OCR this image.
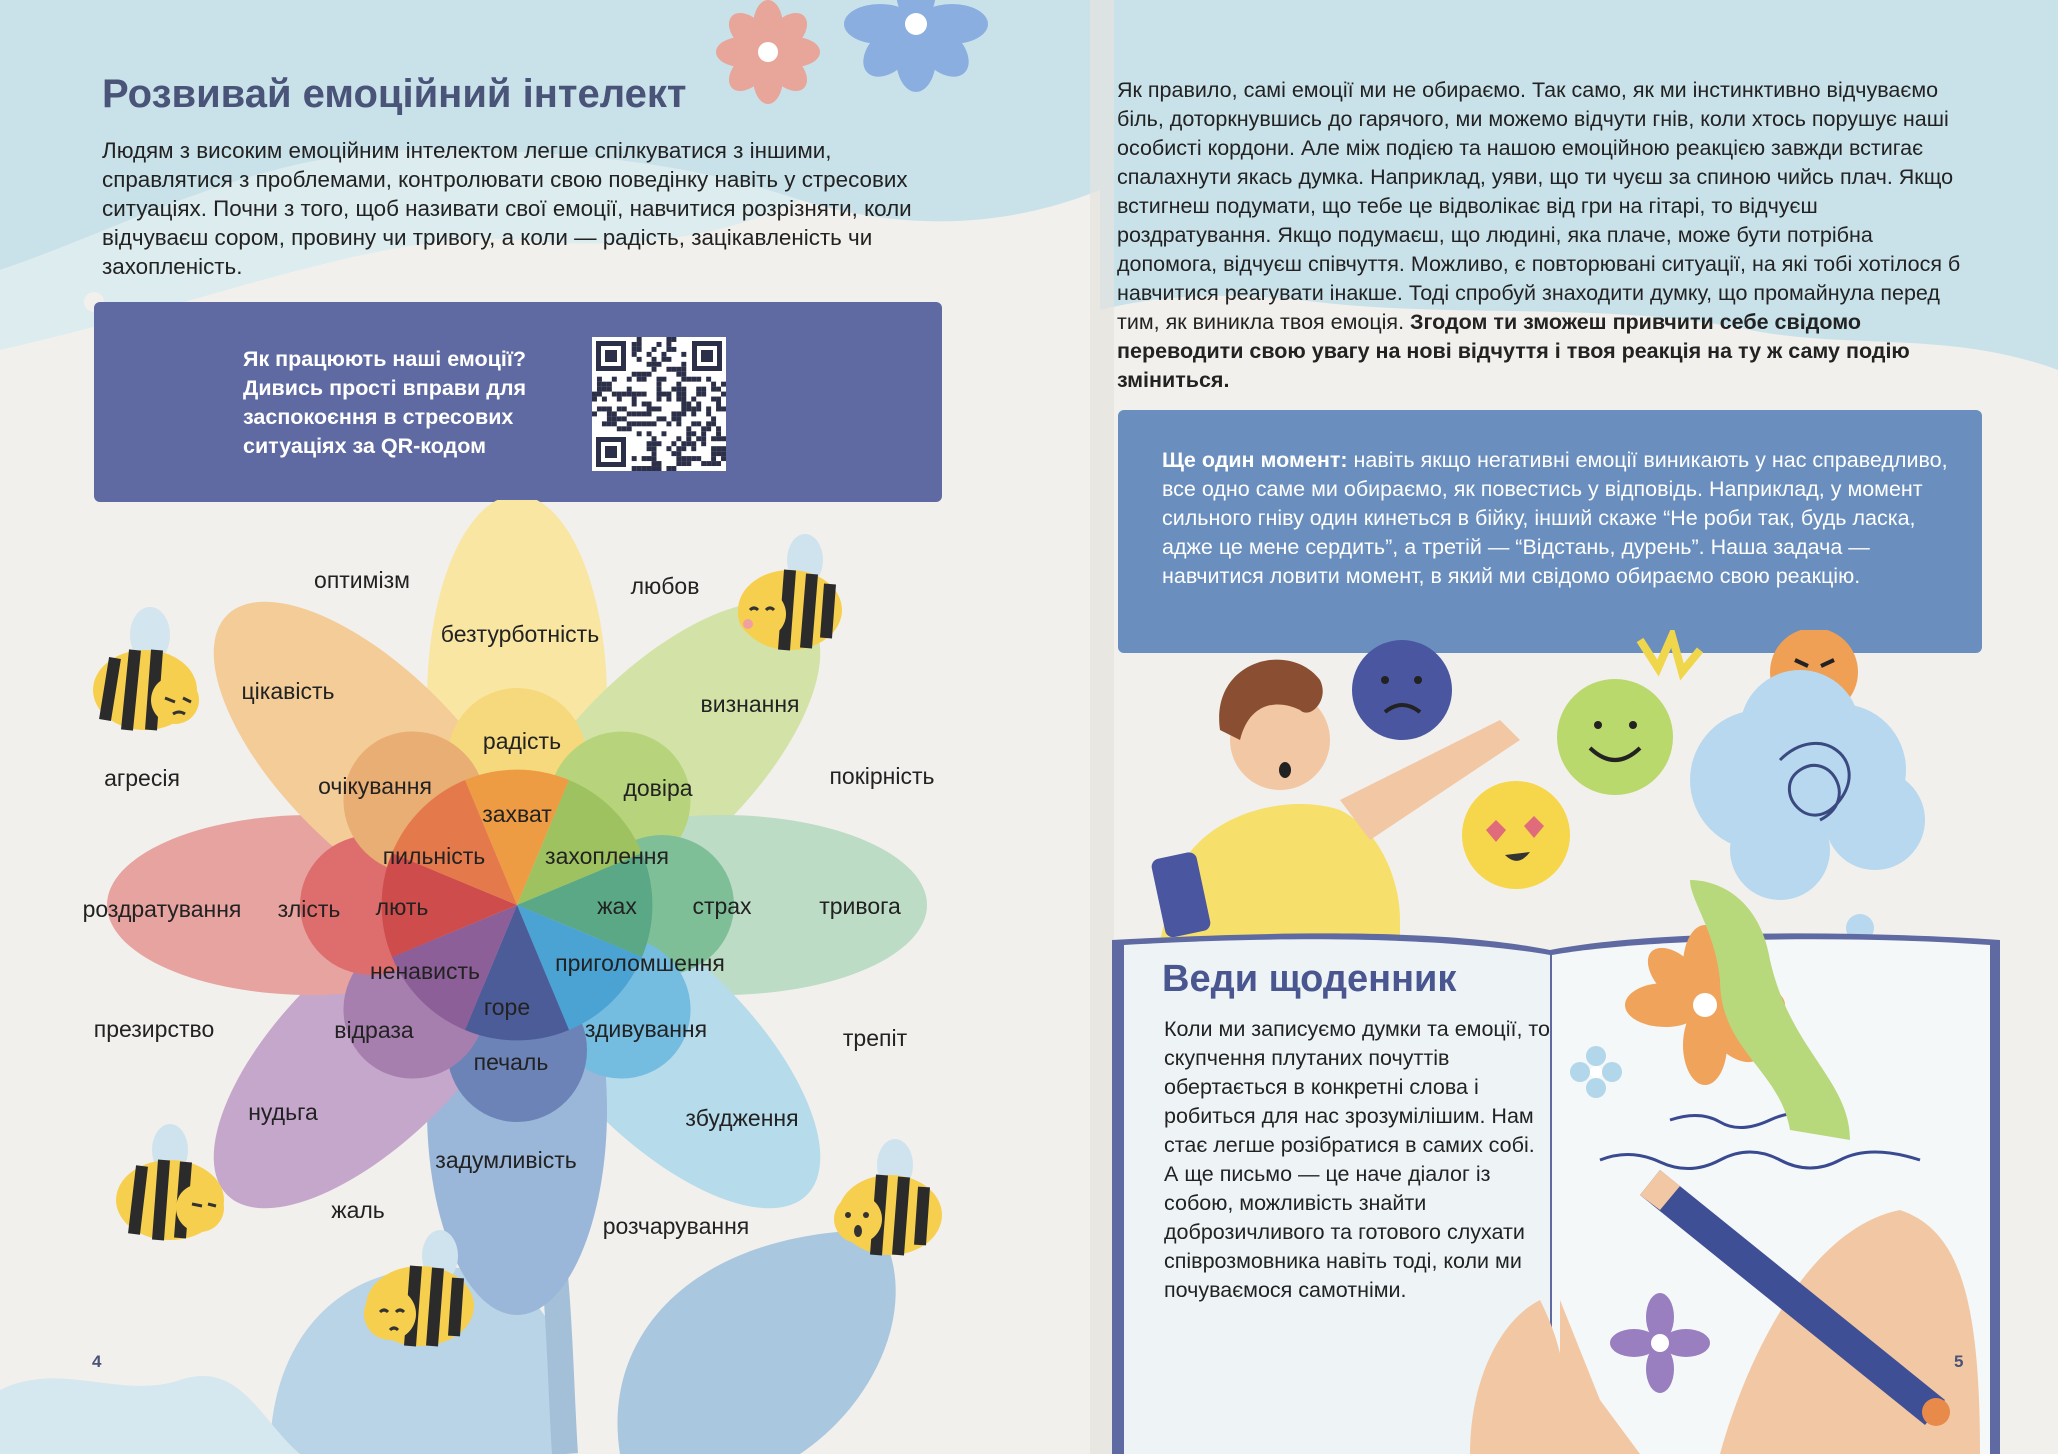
Розвивай емоційний інтелект

Людям з високим емоційним інтелектом легше спілкуватися з іншими, справлятися з проблемами, контролювати свою поведінку навіть у стресових ситуаціях. Почни з того, щоб називати свої емоції, навчитися розрізняти, коли відчуваєш сором, провину чи тривогу, а коли — радість, зацікавленість чи захопленість.

Як працюють наші емоції? Дивись прості вправи для заспокоєння в стресових ситуаціях за QR-кодом

оптимізм	любов
покірність
трепіт
розчарування
жаль
презирство
агресія
безтурботність
визнання
тривога
збудження
задумливість
нудьга
роздратування
цікавість
радість
довіра
страх
здивування
печаль
відраза
злість
очікування
захват
захоплення
жах
приголомшення
горе
ненависть
лють
пильність
4

Як правило, самі емоції ми не обираємо. Так само, як ми інстинктивно відчуваємо біль, доторкнувшись до гарячого, ми можемо відчути гнів, коли хтось порушує наші особисті кордони. Але між подією та нашою емоційною реакцією завжди встигає спалахнути якась думка. Наприклад, уяви, що ти чуєш за спиною чийсь плач. Якщо встигнеш подумати, що тебе це відволікає від гри на гітарі, то відчуєш роздратування. Якщо подумаєш, що людині, яка плаче, може бути потрібна допомога, відчуєш співчуття. Можливо, є повторювані ситуації, на які тобі хотілося б навчитися реагувати інакше. Тоді спробуй знаходити думку, що промайнула перед тим, як виникла твоя емоція. Згодом ти зможеш привчити себе свідомо переводити свою увагу на нові відчуття і твоя реакція на ту ж саму подію зміниться.

Ще один момент: навіть якщо негативні емоції виникають у нас справедливо, все одно саме ми обираємо, як повестись у відповідь. Наприклад, у момент сильного гніву один кинеться в бійку, інший скаже “Не роби так, будь ласка, адже це мене сердить”, а третій — “Відстань, дурень”. Наша задача — навчитися ловити момент, в який ми свідомо обираємо свою реакцію.

Веди щоденник

Коли ми записуємо думки та емоції, то скупчення плутаних почуттів обертається в конкретні слова і робиться для нас зрозумілішим. Нам стає легше розібратися в самих собі. А ще письмо — це наче діалог із собою, можливість знайти доброзичливого та готового слухати співрозмовника навіть тоді, коли ми почуваємося самотніми.

5
